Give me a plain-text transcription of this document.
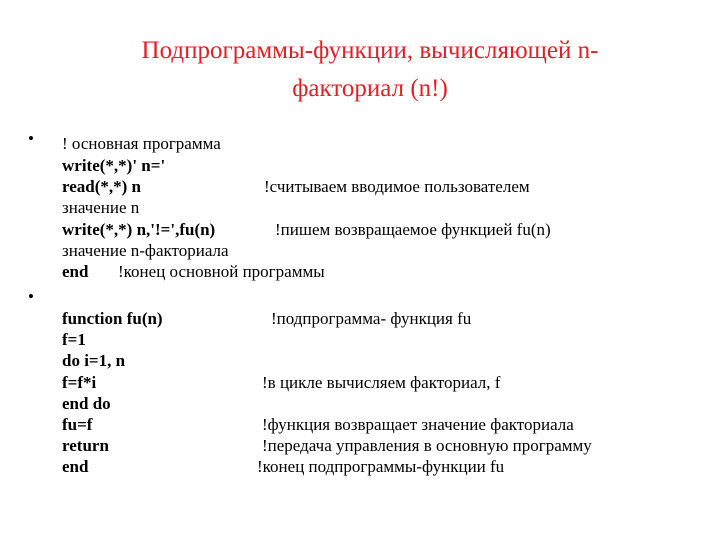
Подпрограммы-функции, вычисляющей n-
факториал (n!)
•
•
! основная программа
write(*,*)' n='
read(*,*) n	!считываем вводимое пользователем
значение n
write(*,*) n,'!=',fu(n)	!пишем возвращаемое функцией fu(n)
значение n-факториала
end !конец основной программы
function fu(n)	!подпрограмма- функция fu
f=1
do i=1, n
f=f*i	!в цикле вычисляем факториал, f
end do
fu=f	!функция возвращает значение факториала
return	!передача управления в основную программу
end	!конец подпрограммы-функции fu
